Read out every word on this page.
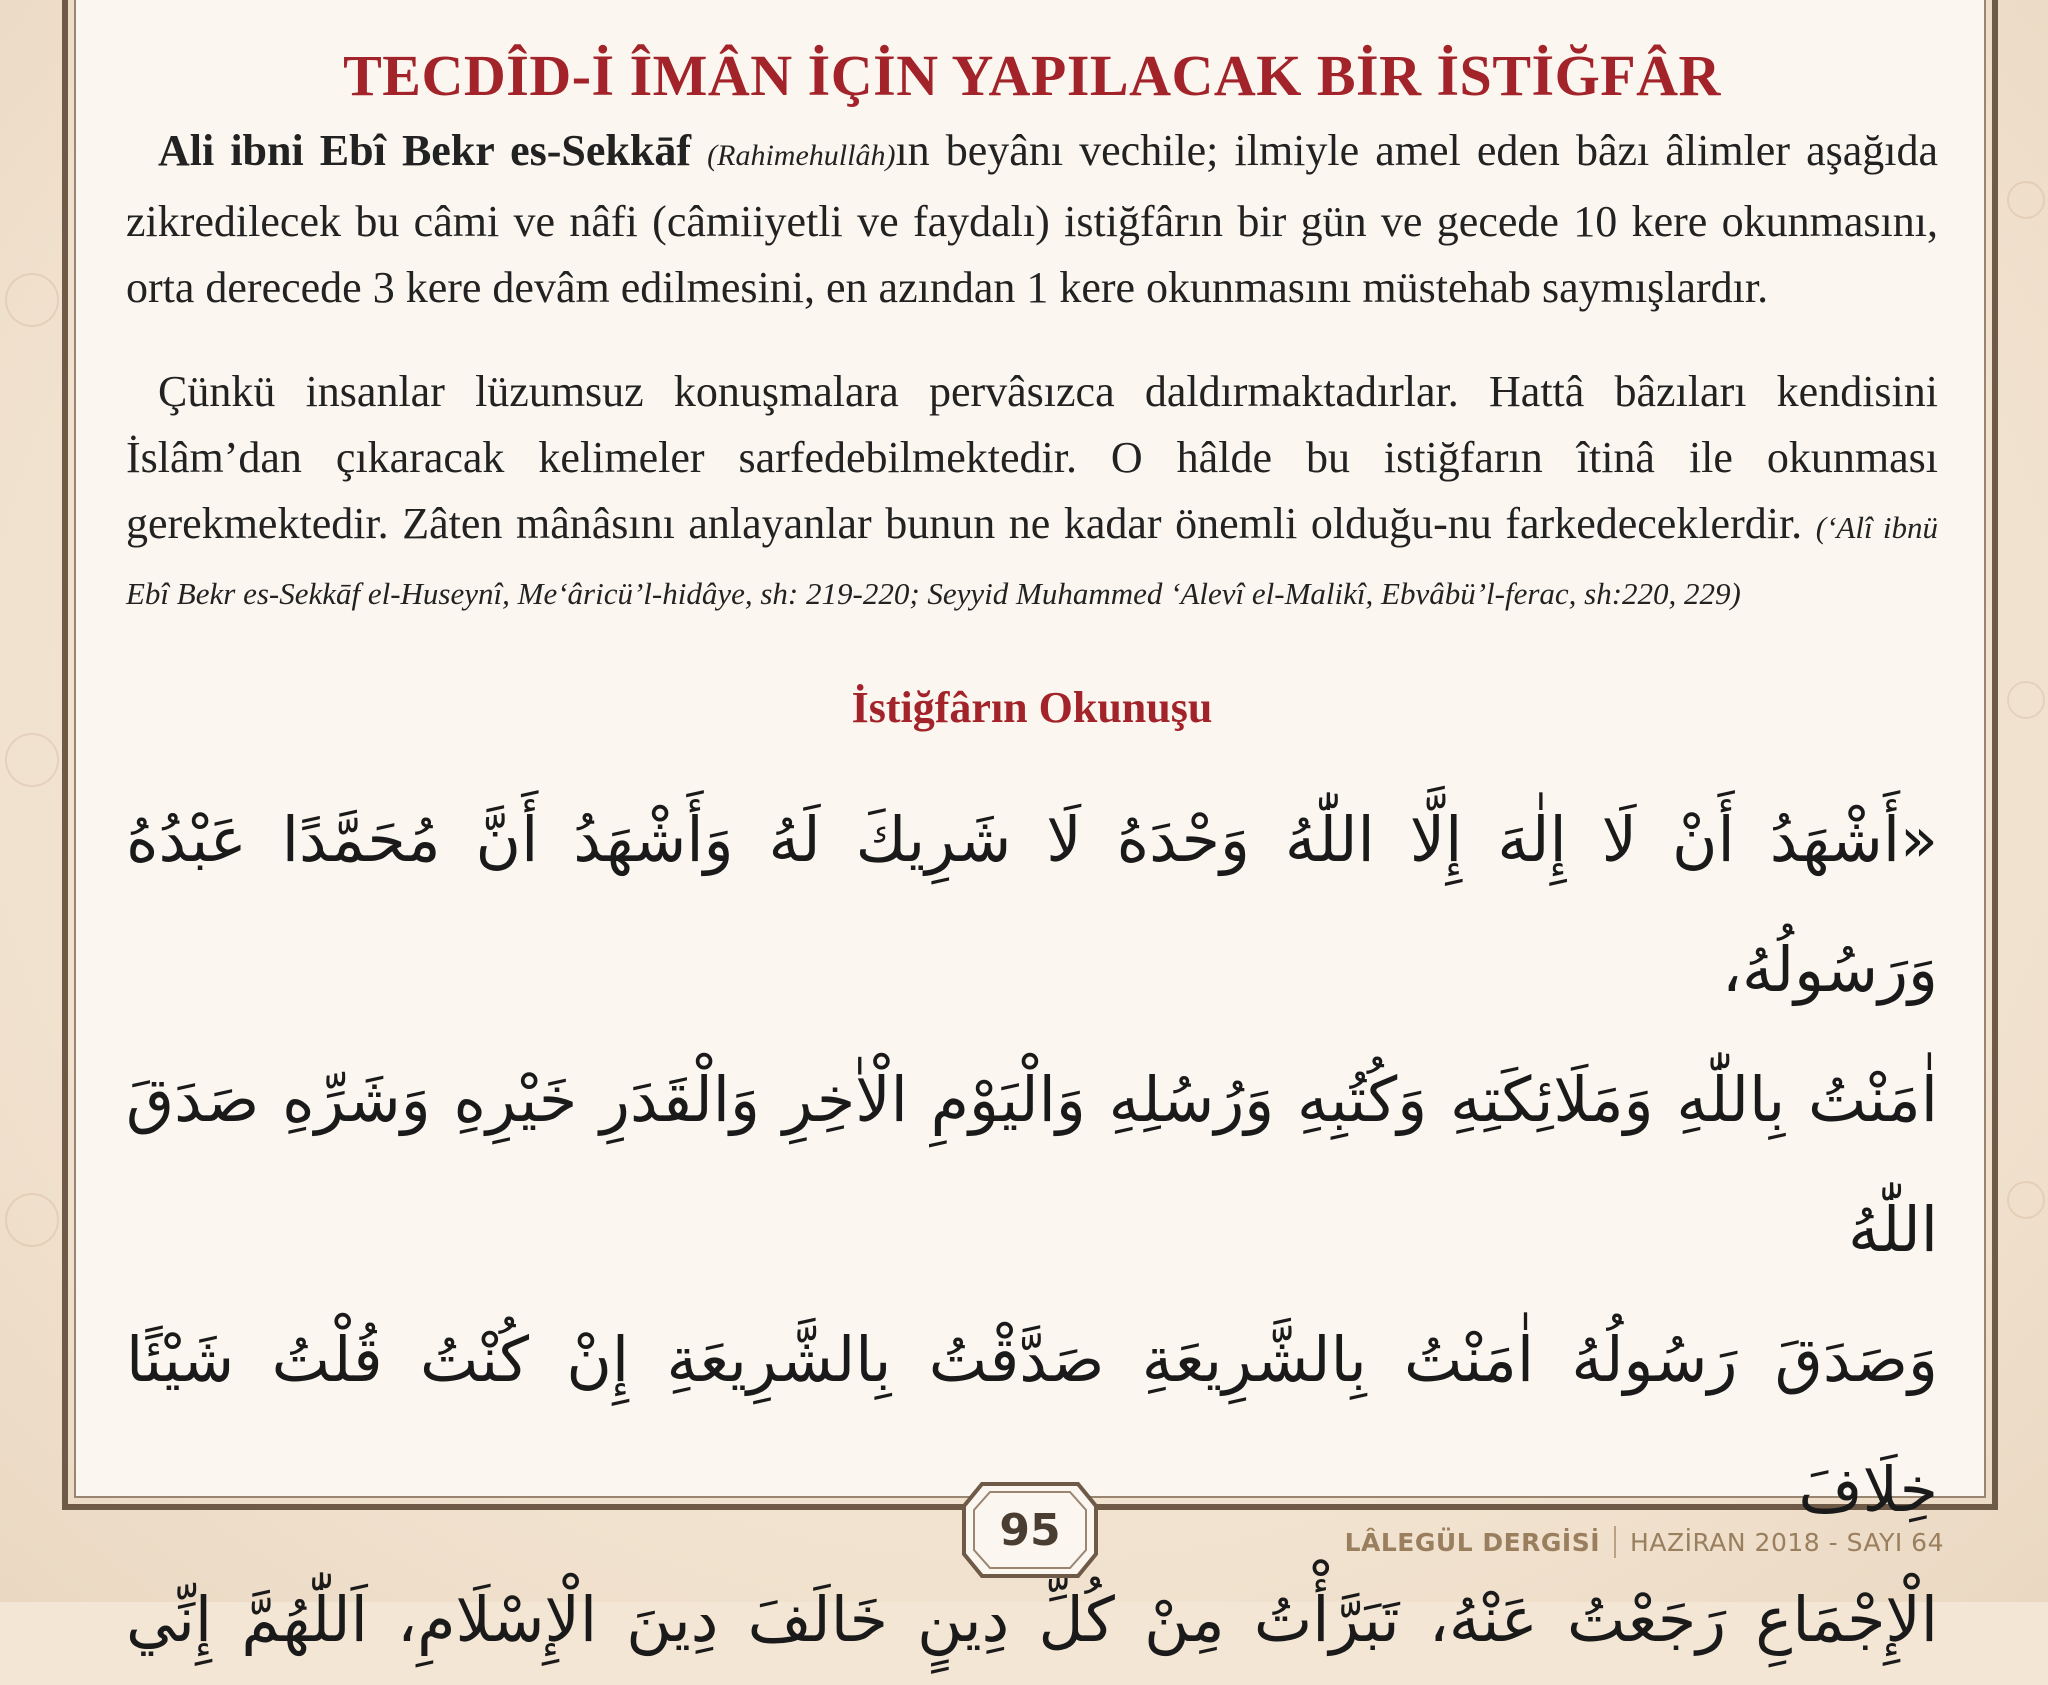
TECDÎD-İ ÎMÂN İÇİN YAPILACAK BİR İSTİĞFÂR

Ali ibni Ebî Bekr es-Sekkāf (Rahimehullâh)ın beyânı vechile; ilmiyle amel eden bâzı âlimler aşağıda zikredilecek bu câmi ve nâfi (câmiiyetli ve faydalı) istiğfârın bir gün ve gecede 10 kere okunmasını, orta derecede 3 kere devâm edilmesini, en azından 1 kere okunmasını müstehab saymışlardır.

Çünkü insanlar lüzumsuz konuşmalara pervâsızca daldırmaktadırlar. Hattâ bâzıları kendisini İslâm’dan çıkaracak kelimeler sarfedebilmektedir. O hâlde bu istiğfarın îtinâ ile okunması gerekmektedir. Zâten mânâsını anlayanlar bunun ne kadar önemli olduğu-nu farkedeceklerdir. (‘Alî ibnü Ebî Bekr es-Sekkāf el-Huseynî, Me‘âricü’l-hidâye, sh: 219-220; Seyyid Muhammed ‘Alevî el-Malikî, Ebvâbü’l-ferac, sh:220, 229)

İstiğfârın Okunuşu
«أَشْهَدُ أَنْ لَا إِلٰهَ إِلَّا اللّٰهُ وَحْدَهُ لَا شَرِيكَ لَهُ وَأَشْهَدُ أَنَّ مُحَمَّدًا عَبْدُهُ وَرَسُولُهُ،
اٰمَنْتُ بِاللّٰهِ وَمَلَائِكَتِهِ وَكُتُبِهِ وَرُسُلِهِ وَالْيَوْمِ الْاٰخِرِ وَالْقَدَرِ خَيْرِهِ وَشَرِّهِ صَدَقَ اللّٰهُ
وَصَدَقَ رَسُولُهُ اٰمَنْتُ بِالشَّرِيعَةِ صَدَّقْتُ بِالشَّرِيعَةِ إِنْ كُنْتُ قُلْتُ شَيْئًا خِلَافَ
الْإِجْمَاعِ رَجَعْتُ عَنْهُ، تَبَرَّأْتُ مِنْ كُلِّ دِينٍ خَالَفَ دِينَ الْإِسْلَامِ، اَللّٰهُمَّ إِنِّي
95	LÂLEGÜL DERGİSİ HAZİRAN 2018 - SAYI 64
